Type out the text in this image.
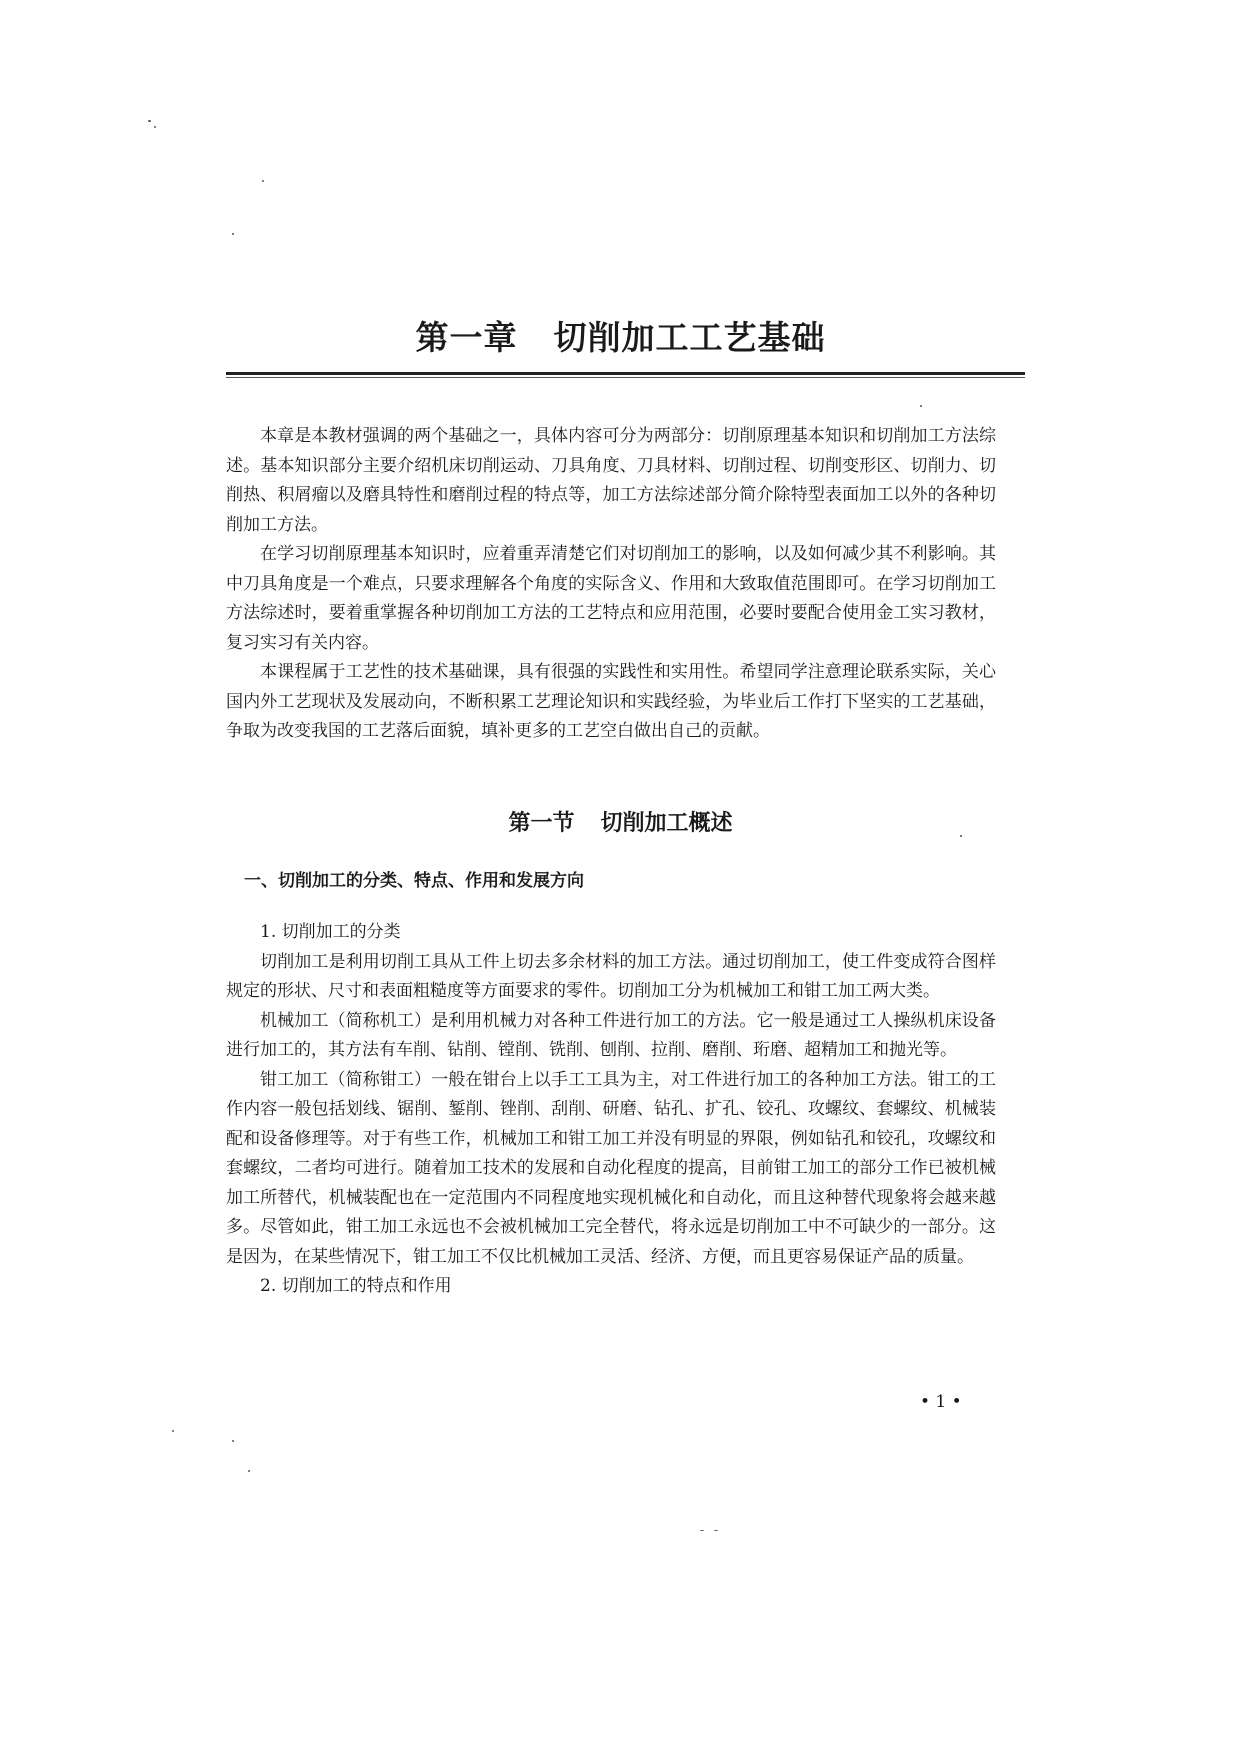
第一章 切削加工工艺基础

本章是本教材强调的两个基础之一，具体内容可分为两部分：切削原理基本知识和切削加工方法综述。基本知识部分主要介绍机床切削运动、刀具角度、刀具材料、切削过程、切削变形区、切削力、切削热、积屑瘤以及磨具特性和磨削过程的特点等，加工方法综述部分简介除特型表面加工以外的各种切削加工方法。

在学习切削原理基本知识时，应着重弄清楚它们对切削加工的影响，以及如何减少其不利影响。其中刀具角度是一个难点，只要求理解各个角度的实际含义、作用和大致取值范围即可。在学习切削加工方法综述时，要着重掌握各种切削加工方法的工艺特点和应用范围，必要时要配合使用金工实习教材，复习实习有关内容。

本课程属于工艺性的技术基础课，具有很强的实践性和实用性。希望同学注意理论联系实际，关心国内外工艺现状及发展动向，不断积累工艺理论知识和实践经验，为毕业后工作打下坚实的工艺基础，争取为改变我国的工艺落后面貌，填补更多的工艺空白做出自己的贡献。

第一节 切削加工概述
一、切削加工的分类、特点、作用和发展方向

1. 切削加工的分类

切削加工是利用切削工具从工件上切去多余材料的加工方法。通过切削加工，使工件变成符合图样规定的形状、尺寸和表面粗糙度等方面要求的零件。切削加工分为机械加工和钳工加工两大类。

机械加工（简称机工）是利用机械力对各种工件进行加工的方法。它一般是通过工人操纵机床设备进行加工的，其方法有车削、钻削、镗削、铣削、刨削、拉削、磨削、珩磨、超精加工和抛光等。

钳工加工（简称钳工）一般在钳台上以手工工具为主，对工件进行加工的各种加工方法。钳工的工作内容一般包括划线、锯削、錾削、锉削、刮削、研磨、钻孔、扩孔、铰孔、攻螺纹、套螺纹、机械装配和设备修理等。对于有些工作，机械加工和钳工加工并没有明显的界限，例如钻孔和铰孔，攻螺纹和套螺纹，二者均可进行。随着加工技术的发展和自动化程度的提高，目前钳工加工的部分工作已被机械加工所替代，机械装配也在一定范围内不同程度地实现机械化和自动化，而且这种替代现象将会越来越多。尽管如此，钳工加工永远也不会被机械加工完全替代，将永远是切削加工中不可缺少的一部分。这是因为，在某些情况下，钳工加工不仅比机械加工灵活、经济、方便，而且更容易保证产品的质量。

2. 切削加工的特点和作用

• 1 •
